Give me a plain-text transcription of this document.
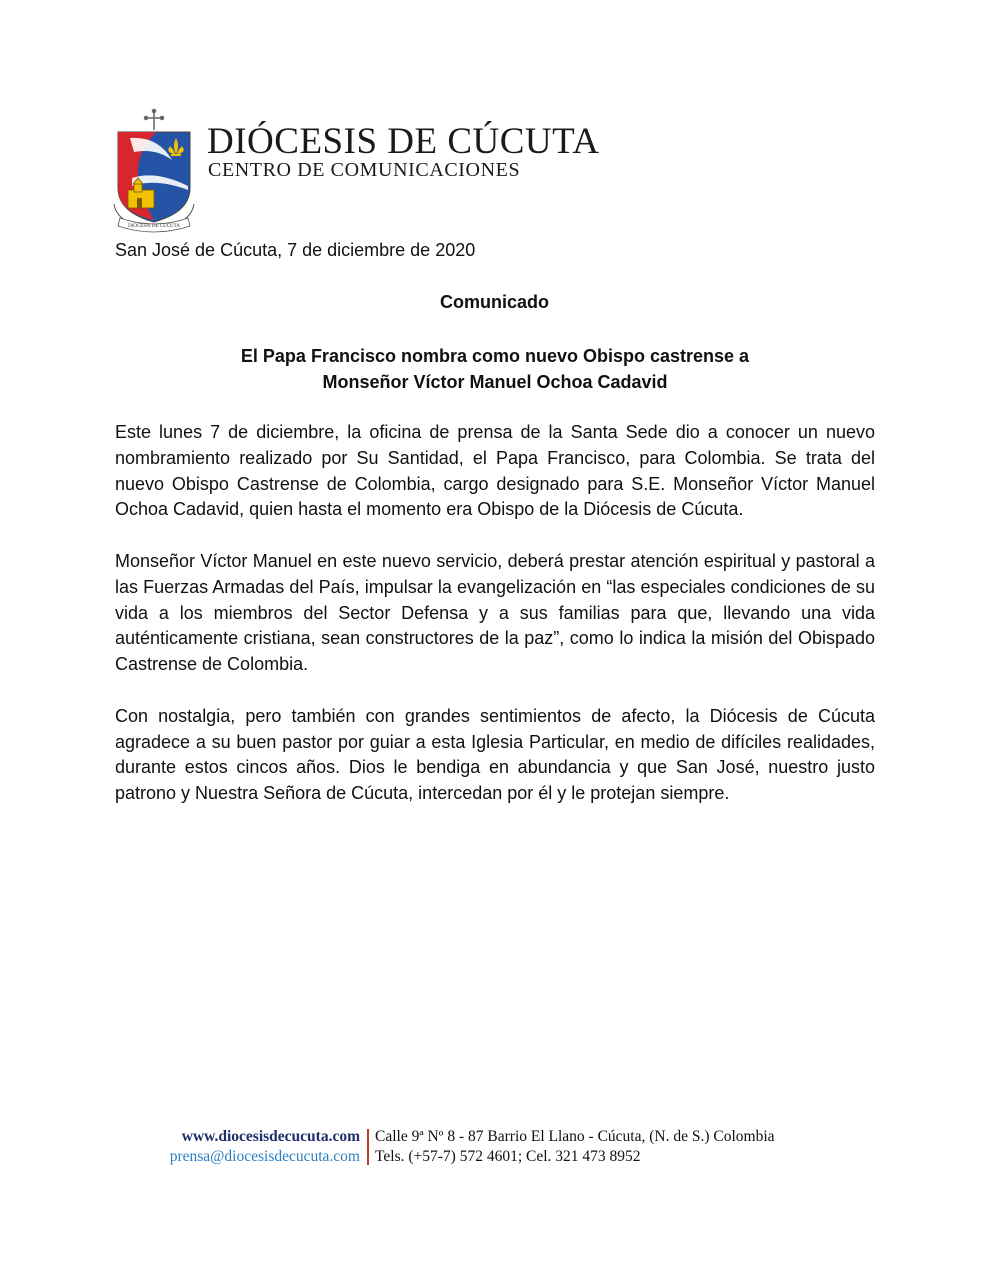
DIOCESIS DE CUCUTA
DIÓCESIS DE CÚCUTA
CENTRO DE COMUNICACIONES
San José de Cúcuta, 7 de diciembre de 2020
Comunicado
El Papa Francisco nombra como nuevo Obispo castrense a
Monseñor Víctor Manuel Ochoa Cadavid

Este lunes 7 de diciembre, la oficina de prensa de la Santa Sede dio a conocer un nuevo nombramiento realizado por Su Santidad, el Papa Francisco, para Colombia. Se trata del nuevo Obispo Castrense de Colombia, cargo designado para S.E. Monseñor Víctor Manuel Ochoa Cadavid, quien hasta el momento era Obispo de la Diócesis de Cúcuta.

Monseñor Víctor Manuel en este nuevo servicio, deberá prestar atención espiritual y pastoral a las Fuerzas Armadas del País, impulsar la evangelización en “las especiales condiciones de su vida a los miembros del Sector Defensa y a sus familias para que, llevando una vida auténticamente cristiana, sean constructores de la paz”, como lo indica la misión del Obispado Castrense de Colombia.

Con nostalgia, pero también con grandes sentimientos de afecto, la Diócesis de Cúcuta agradece a su buen pastor por guiar a esta Iglesia Particular, en medio de difíciles realidades, durante estos cincos años. Dios le bendiga en abundancia y que San José, nuestro justo patrono y Nuestra Señora de Cúcuta, intercedan por él y le protejan siempre.

www.diocesisdecucuta.com
prensa@diocesisdecucuta.com
Calle 9ª Nº 8 - 87 Barrio El Llano - Cúcuta, (N. de S.) Colombia
Tels. (+57-7) 572 4601; Cel. 321 473 8952
